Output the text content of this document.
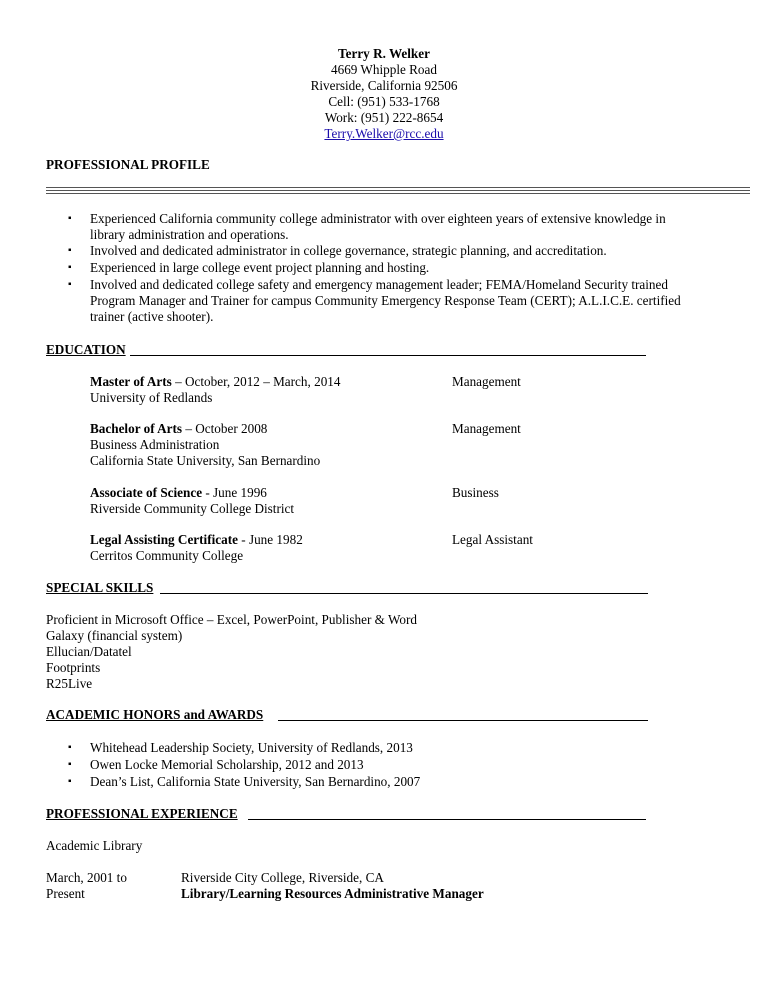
Terry R. Welker
4669 Whipple Road
Riverside, California 92506
Cell: (951) 533-1768
Work: (951) 222-8654
Terry.Welker@rcc.edu
PROFESSIONAL PROFILE
▪ Experienced California community college administrator with over eighteen years of extensive knowledge in
library administration and operations.
▪ Involved and dedicated administrator in college governance, strategic planning, and accreditation.
▪ Experienced in large college event project planning and hosting.
▪ Involved and dedicated college safety and emergency management leader; FEMA/Homeland Security trained
Program Manager and Trainer for campus Community Emergency Response Team (CERT); A.L.I.C.E. certified
trainer (active shooter).
EDUCATION
Master of Arts – October, 2012 – March, 2014	Management
University of Redlands
Bachelor of Arts – October 2008	Management
Business Administration
California State University, San Bernardino
Associate of Science - June 1996	Business
Riverside Community College District
Legal Assisting Certificate - June 1982	Legal Assistant
Cerritos Community College
SPECIAL SKILLS
Proficient in Microsoft Office – Excel, PowerPoint, Publisher & Word
Galaxy (financial system)
Ellucian/Datatel
Footprints
R25Live
ACADEMIC HONORS and AWARDS
▪ Whitehead Leadership Society, University of Redlands, 2013
▪ Owen Locke Memorial Scholarship, 2012 and 2013
▪ Dean’s List, California State University, San Bernardino, 2007
PROFESSIONAL EXPERIENCE
Academic Library
March, 2001 to	Riverside City College, Riverside, CA
Present	Library/Learning Resources Administrative Manager
